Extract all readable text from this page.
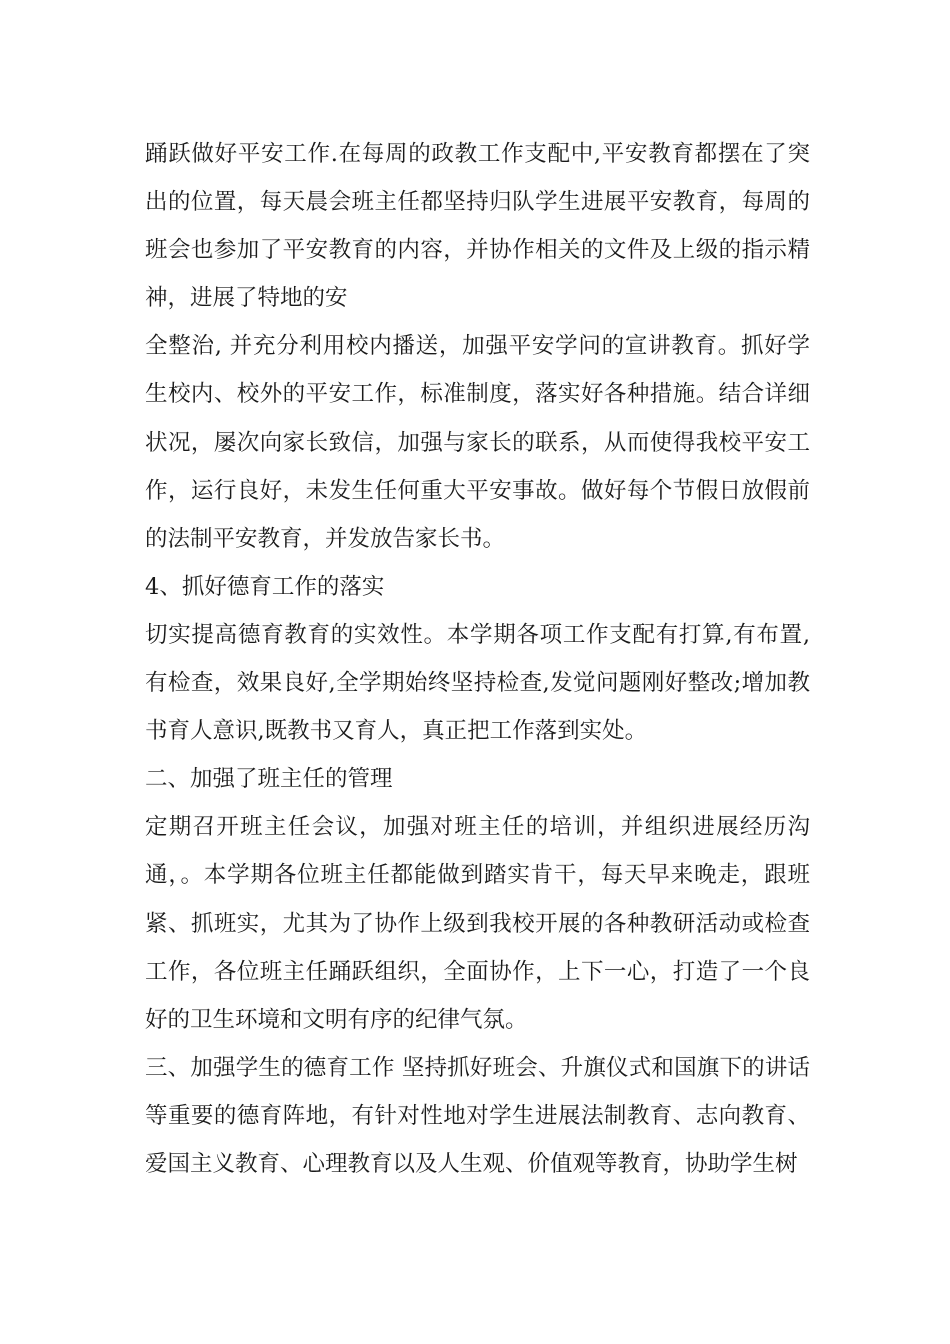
踊跃做好平安工作.在每周的政教工作支配中,平安教育都摆在了突出的位置，每天晨会班主任都坚持归队学生进展平安教育，每周的班会也参加了平安教育的内容，并协作相关的文件及上级的指示精神，进展了特地的安

全整治, 并充分利用校内播送，加强平安学问的宣讲教育。抓好学生校内、校外的平安工作，标准制度，落实好各种措施。结合详细状况，屡次向家长致信，加强与家长的联系，从而使得我校平安工作，运行良好，未发生任何重大平安事故。做好每个节假日放假前的法制平安教育，并发放告家长书。

4、抓好德育工作的落实

切实提高德育教育的实效性。本学期各项工作支配有打算,有布置,有检查，效果良好,全学期始终坚持检查,发觉问题刚好整改;增加教书育人意识,既教书又育人，真正把工作落到实处。

二、加强了班主任的管理

定期召开班主任会议，加强对班主任的培训，并组织进展经历沟通，。本学期各位班主任都能做到踏实肯干，每天早来晚走，跟班紧、抓班实，尤其为了协作上级到我校开展的各种教研活动或检查工作，各位班主任踊跃组织，全面协作，上下一心，打造了一个良好的卫生环境和文明有序的纪律气氛。

三、加强学生的德育工作 坚持抓好班会、升旗仪式和国旗下的讲话等重要的德育阵地，有针对性地对学生进展法制教育、志向教育、爱国主义教育、心理教育以及人生观、价值观等教育，协助学生树
